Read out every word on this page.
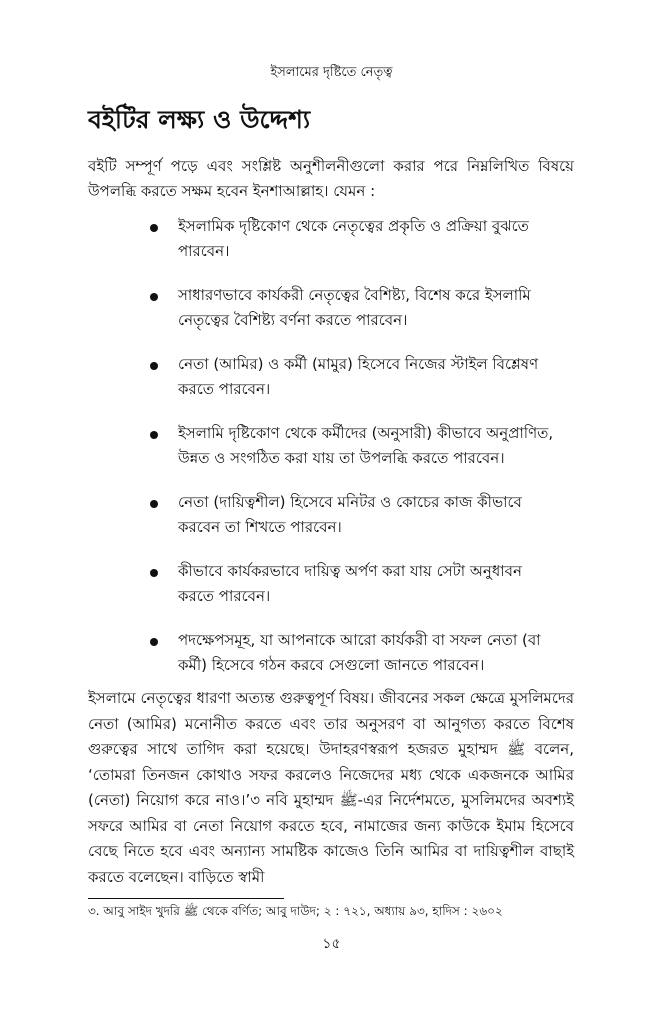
ইসলামের দৃষ্টিতে নেতৃত্ব
বইটির লক্ষ্য ও উদ্দেশ্য

বইটি সম্পূর্ণ পড়ে এবং সংশ্লিষ্ট অনুশীলনীগুলো করার পরে নিম্নলিখিত বিষয়ে উপলব্ধি করতে সক্ষম হবেন ইনশাআল্লাহ। যেমন :

ইসলামিক দৃষ্টিকোণ থেকে নেতৃত্বের প্রকৃতি ও প্রক্রিয়া বুঝতে পারবেন।
সাধারণভাবে কার্যকরী নেতৃত্বের বৈশিষ্ট্য, বিশেষ করে ইসলামি নেতৃত্বের বৈশিষ্ট্য বর্ণনা করতে পারবেন।
নেতা (আমির) ও কর্মী (মামুর) হিসেবে নিজের স্টাইল বিশ্লেষণ করতে পারবেন।
ইসলামি দৃষ্টিকোণ থেকে কর্মীদের (অনুসারী) কীভাবে অনুপ্রাণিত, উন্নত ও সংগঠিত করা যায় তা উপলব্ধি করতে পারবেন।
নেতা (দায়িত্বশীল) হিসেবে মনিটর ও কোচের কাজ কীভাবে করবেন তা শিখতে পারবেন।
কীভাবে কার্যকরভাবে দায়িত্ব অর্পণ করা যায় সেটা অনুধাবন করতে পারবেন।
পদক্ষেপসমূহ, যা আপনাকে আরো কার্যকরী বা সফল নেতা (বা কর্মী) হিসেবে গঠন করবে সেগুলো জানতে পারবেন।

ইসলামে নেতৃত্বের ধারণা অত্যন্ত গুরুত্বপূর্ণ বিষয়। জীবনের সকল ক্ষেত্রে মুসলিমদের নেতা (আমির) মনোনীত করতে এবং তার অনুসরণ বা আনুগত্য করতে বিশেষ গুরুত্বের সাথে তাগিদ করা হয়েছে। উদাহরণস্বরূপ হজরত মুহাম্মদ ﷺ বলেন, ‘তোমরা তিনজন কোথাও সফর করলেও নিজেদের মধ্য থেকে একজনকে আমির (নেতা) নিয়োগ করে নাও।’৩ নবি মুহাম্মদ ﷺ-এর নির্দেশমতে, মুসলিমদের অবশ্যই সফরে আমির বা নেতা নিয়োগ করতে হবে, নামাজের জন্য কাউকে ইমাম হিসেবে বেছে নিতে হবে এবং অন্যান্য সামষ্টিক কাজেও তিনি আমির বা দায়িত্বশীল বাছাই করতে বলেছেন। বাড়িতে স্বামী

৩. আবু সাইদ খুদরি ﷺ থেকে বর্ণিত; আবু দাউদ; ২ : ৭২১, অধ্যায় ৯৩, হাদিস : ২৬০২

১৫
